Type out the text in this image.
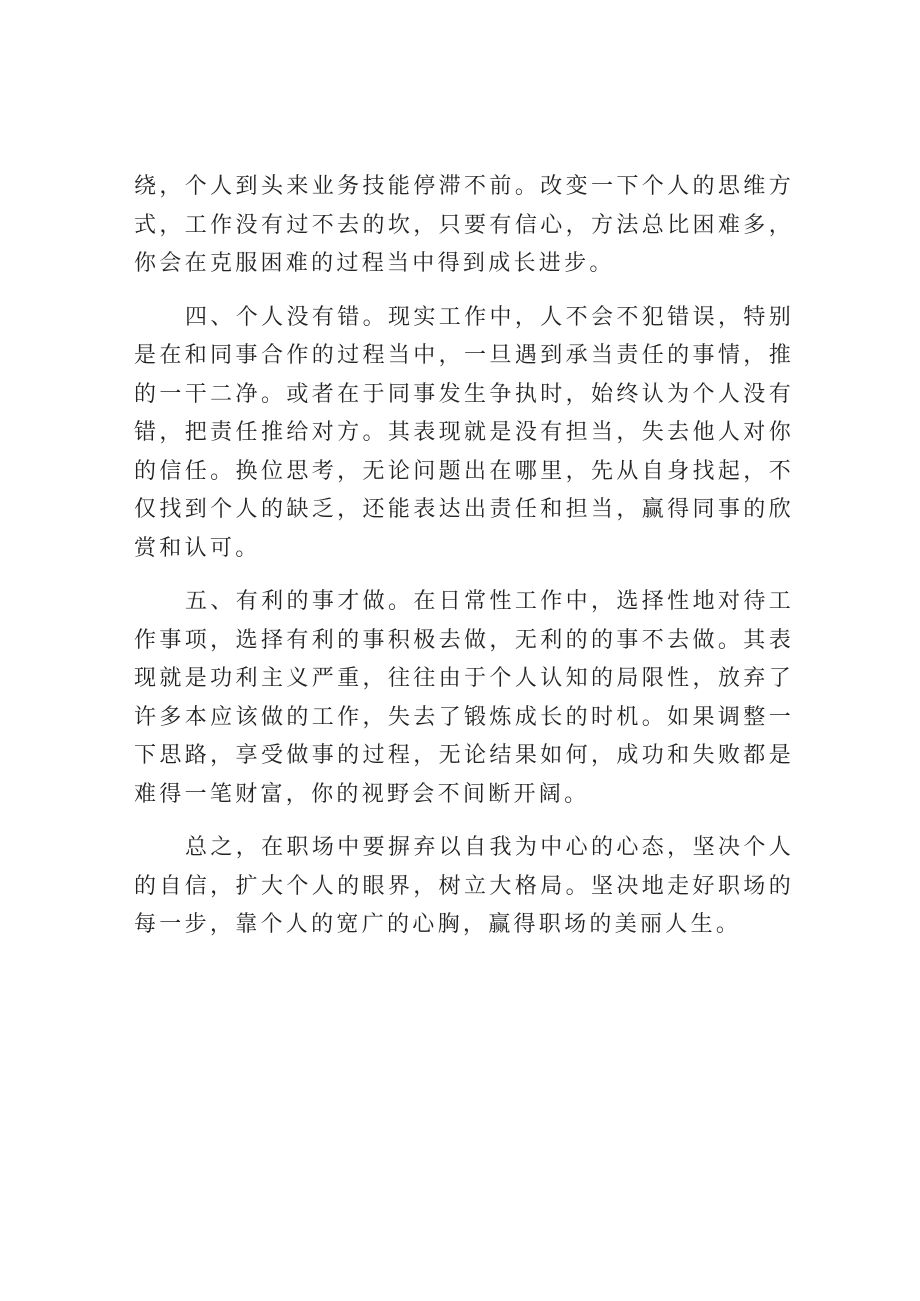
绕，个人到头来业务技能停滞不前。改变一下个人的思维方式，工作没有过不去的坎，只要有信心，方法总比困难多，你会在克服困难的过程当中得到成长进步。

四、个人没有错。现实工作中，人不会不犯错误，特别是在和同事合作的过程当中，一旦遇到承当责任的事情，推的一干二净。或者在于同事发生争执时，始终认为个人没有错，把责任推给对方。其表现就是没有担当，失去他人对你的信任。换位思考，无论问题出在哪里，先从自身找起，不仅找到个人的缺乏，还能表达出责任和担当，赢得同事的欣赏和认可。

五、有利的事才做。在日常性工作中，选择性地对待工作事项，选择有利的事积极去做，无利的的事不去做。其表现就是功利主义严重，往往由于个人认知的局限性，放弃了许多本应该做的工作，失去了锻炼成长的时机。如果调整一下思路，享受做事的过程，无论结果如何，成功和失败都是难得一笔财富，你的视野会不间断开阔。

总之，在职场中要摒弃以自我为中心的心态，坚决个人的自信，扩大个人的眼界，树立大格局。坚决地走好职场的每一步，靠个人的宽广的心胸，赢得职场的美丽人生。
